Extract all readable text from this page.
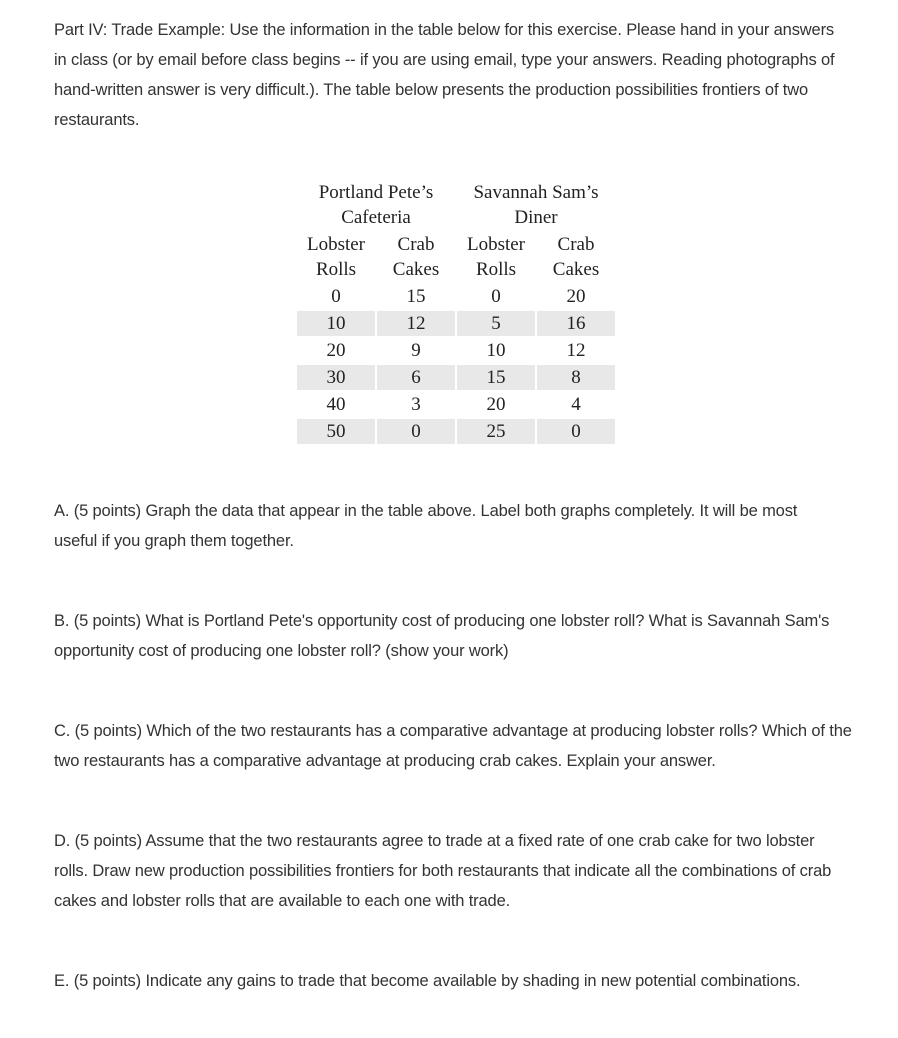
Part IV: Trade Example: Use the information in the table below for this exercise. Please hand in your answers in class (or by email before class begins -- if you are using email, type your answers. Reading photographs of hand-written answer is very difficult.). The table below presents the production possibilities frontiers of two restaurants.

Portland Pete’s Cafeteria		Savannah Sam’s Diner	
Lobster Rolls	Crab Cakes	Lobster Rolls	Crab Cakes
0	15	0	20
10	12	5	16
20	9	10	12
30	6	15	8
40	3	20	4
50	0	25	0

A. (5 points) Graph the data that appear in the table above. Label both graphs completely. It will be most useful if you graph them together.

B. (5 points) What is Portland Pete's opportunity cost of producing one lobster roll? What is Savannah Sam's opportunity cost of producing one lobster roll? (show your work)

C. (5 points) Which of the two restaurants has a comparative advantage at producing lobster rolls? Which of the two restaurants has a comparative advantage at producing crab cakes. Explain your answer.

D. (5 points) Assume that the two restaurants agree to trade at a fixed rate of one crab cake for two lobster rolls. Draw new production possibilities frontiers for both restaurants that indicate all the combinations of crab cakes and lobster rolls that are available to each one with trade.

E. (5 points) Indicate any gains to trade that become available by shading in new potential combinations.
